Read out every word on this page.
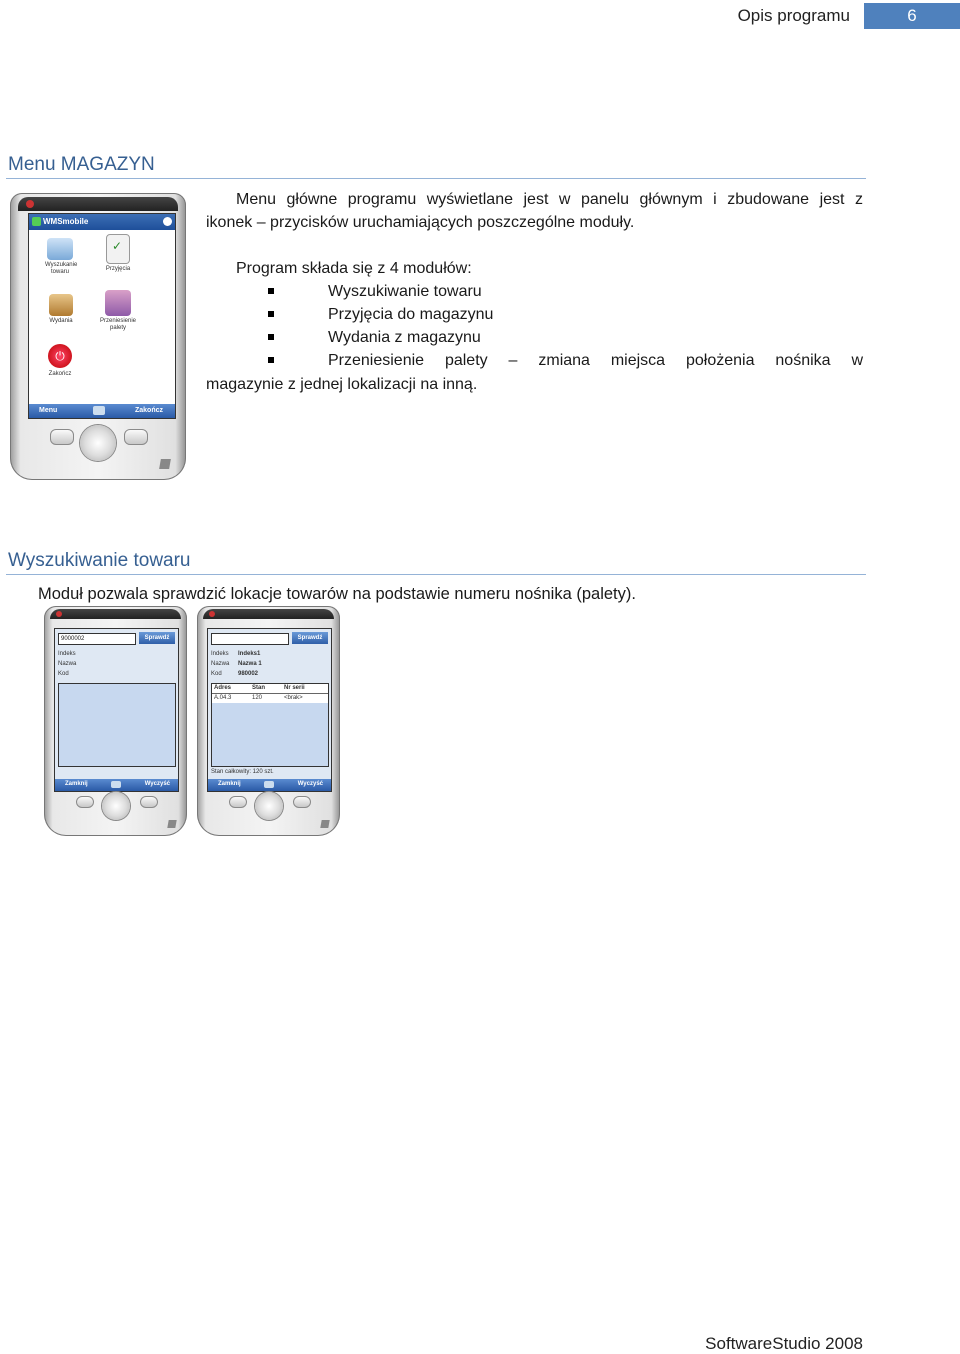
Opis programu	6
Menu MAGAZYN
WMSmobile
Wyszukanie towaru
✓
Przyjęcia
Wydania	Przeniesienie palety
⏻
Zakończ
Menu	Zakończ
Menu główne programu wyświetlane jest w panelu głównym i zbudowane jest z
ikonek – przycisków uruchamiających poszczególne moduły.
Program składa się z 4 modułów:
Wyszukiwanie towaru
Przyjęcia do magazynu
Wydania z magazynu
Przeniesienie palety – zmiana miejsca położenia nośnika w
magazynie z jednej lokalizacji na inną.
Wyszukiwanie towaru
Moduł pozwala sprawdzić lokacje towarów na podstawie numeru nośnika (palety).
9000002	Sprawdź
Indeks
Nazwa
Kod
Zamknij	Wyczyść
Sprawdź
Indeks Indeks1
Nazwa Nazwa 1
Kod	980002
Adres	Stan	Nr serii
A.04.3	120	<brak>
Stan całkowity: 120 szt.
Zamknij	Wyczyść
SoftwareStudio 2008
